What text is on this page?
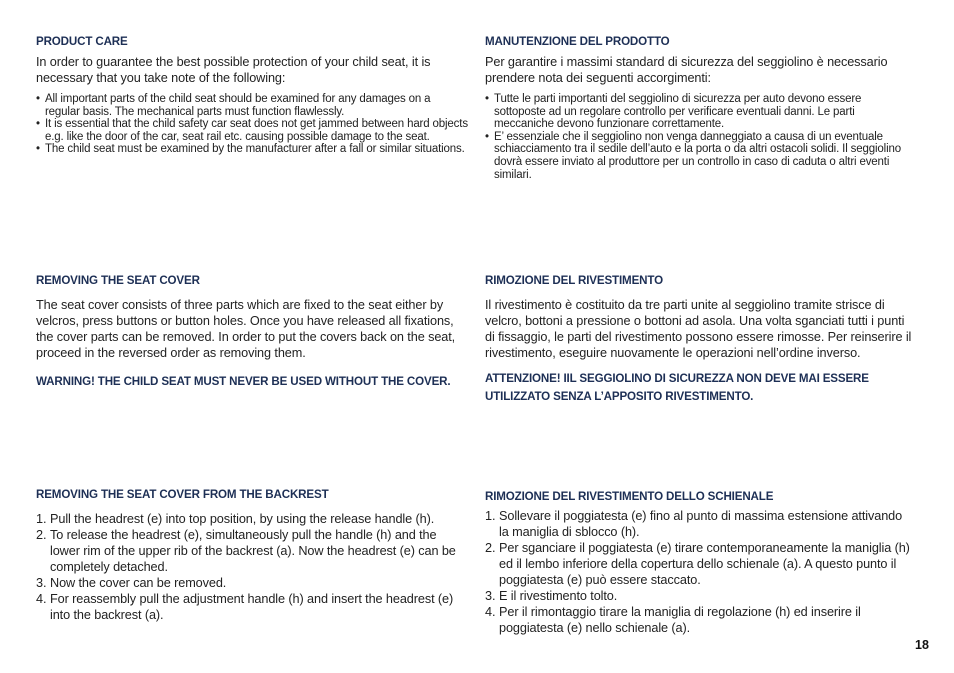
PRODUCT CARE

In order to guarantee the best possible protection of your child seat, it is necessary that you take note of the following:

• All important parts of the child seat should be examined for any damages on a regular basis. The mechanical parts must function flawlessly.
• It is essential that the child safety car seat does not get jammed between hard objects e.g. like the door of the car, seat rail etc. causing possible damage to the seat.
• The child seat must be examined by the manufacturer after a fall or similar situations.

REMOVING THE SEAT COVER

The seat cover consists of three parts which are fixed to the seat either by velcros, press buttons or button holes. Once you have released all fixations, the cover parts can be removed. In order to put the covers back on the seat, proceed in the reversed order as removing them.

WARNING! THE CHILD SEAT MUST NEVER BE USED WITHOUT THE COVER.

REMOVING THE SEAT COVER FROM THE BACKREST

1. Pull the headrest (e) into top position, by using the release handle (h).
2. To release the headrest (e), simultaneously pull the handle (h) and the lower rim of the upper rib of the backrest (a). Now the headrest (e) can be completely detached.
3. Now the cover can be removed.
4. For reassembly pull the adjustment handle (h) and insert the headrest (e) into the backrest (a).

MANUTENZIONE DEL PRODOTTO

Per garantire i massimi standard di sicurezza del seggiolino è necessario prendere nota dei seguenti accorgimenti:

• Tutte le parti importanti del seggiolino di sicurezza per auto devono essere sottoposte ad un regolare controllo per verificare eventuali danni. Le parti meccaniche devono funzionare correttamente.
• E’ essenziale che il seggiolino non venga danneggiato a causa di un eventuale schiacciamento tra il sedile dell’auto e la porta o da altri ostacoli solidi. Il seggiolino dovrà essere inviato al produttore per un controllo in caso di caduta o altri eventi similari.

RIMOZIONE DEL RIVESTIMENTO

Il rivestimento è costituito da tre parti unite al seggiolino tramite strisce di velcro, bottoni a pressione o bottoni ad asola. Una volta sganciati tutti i punti di fissaggio, le parti del rivestimento possono essere rimosse. Per reinserire il rivestimento, eseguire nuovamente le operazioni nell’ordine inverso.

ATTENZIONE! IIL SEGGIOLINO DI SICUREZZA NON DEVE MAI ESSERE UTILIZZATO SENZA L’APPOSITO RIVESTIMENTO.

RIMOZIONE DEL RIVESTIMENTO DELLO SCHIENALE

1. Sollevare il poggiatesta (e) fino al punto di massima estensione attivando la maniglia di sblocco (h).
2. Per sganciare il poggiatesta (e) tirare contemporaneamente la maniglia (h) ed il lembo inferiore della copertura dello schienale (a). A questo punto il poggiatesta (e) può essere staccato.
3. E il rivestimento tolto.
4. Per il rimontaggio tirare la maniglia di regolazione (h) ed inserire il poggiatesta (e) nello schienale (a).
18
